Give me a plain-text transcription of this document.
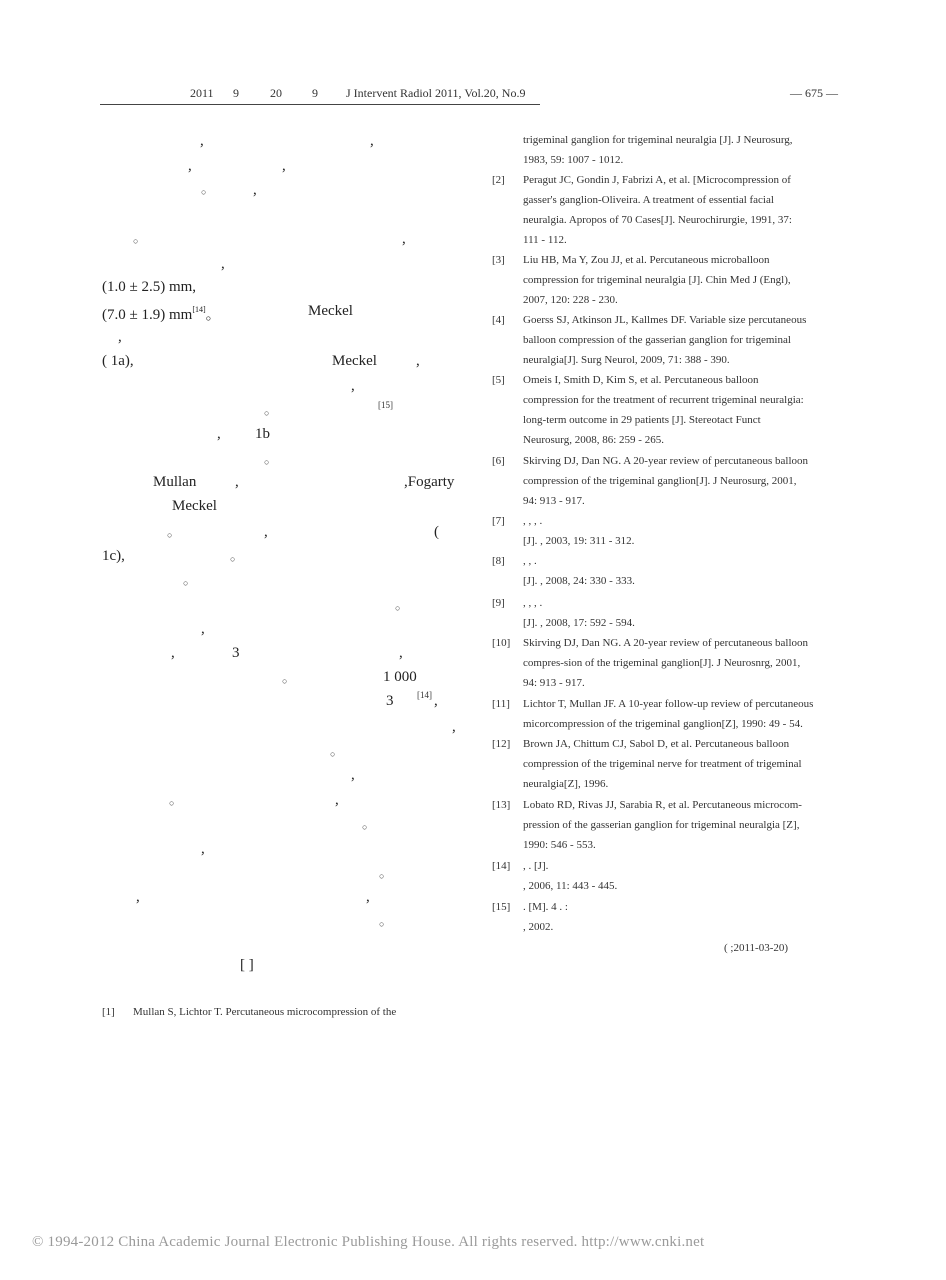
2011 9	20	9 J Intervent Radiol 2011, Vol.20, No.9	— 675 —
,	,
,	,
○	,
○	,
,
(1.0 ± 2.5) mm,
(7.0 ± 1.9) mm[14]。	Meckel
,
( 1a),	Meckel	,
,
[15]
○
, 1b
○
Mullan	,	,Fogarty
Meckel
○	,	(
1c),	○
○
○
,
,	3	,
1 000
○
3	[14] ,
,
○
,
○	,
○
,
○
,	,
○
[ ]
[1] Mullan S, Lichtor T. Percutaneous microcompression of the
trigeminal ganglion for trigeminal neuralgia [J]. J Neurosurg,
1983, 59: 1007 - 1012.
[2]	Peragut JC, Gondin J, Fabrizi A, et al. [Microcompression of
gasser's ganglion-Oliveira. A treatment of essential facial
neuralgia. Apropos of 70 Cases[J]. Neurochirurgie, 1991, 37:
111 - 112.
[3]	Liu HB, Ma Y, Zou JJ, et al. Percutaneous microballoon
compression for trigeminal neuralgia [J]. Chin Med J (Engl),
2007, 120: 228 - 230.
[4]	Goerss SJ, Atkinson JL, Kallmes DF. Variable size percutaneous
balloon compression of the gasserian ganglion for trigeminal
neuralgia[J]. Surg Neurol, 2009, 71: 388 - 390.
[5]	Omeis I, Smith D, Kim S, et al. Percutaneous balloon
compression for the treatment of recurrent trigeminal neuralgia:
long-term outcome in 29 patients [J]. Stereotact Funct
Neurosurg, 2008, 86: 259 - 265.
[6]	Skirving DJ, Dan NG. A 20-year review of percutaneous balloon
compression of the trigeminal ganglion[J]. J Neurosurg, 2001,
94: 913 - 917.
[7]	, , , .
[J]. , 2003, 19: 311 - 312.
[8]	, , .
[J]. , 2008, 24: 330 - 333.
[9]	, , , .
[J]. , 2008, 17: 592 - 594.
[10]	Skirving DJ, Dan NG. A 20-year review of percutaneous balloon
compres-sion of the trigeminal ganglion[J]. J Neurosnrg, 2001,
94: 913 - 917.
[11]	Lichtor T, Mullan JF. A 10-year follow-up review of percutaneous
micorcompression of the trigeminal ganglion[Z], 1990: 49 - 54.
[12]	Brown JA, Chittum CJ, Sabol D, et al. Percutaneous balloon
compression of the trigeminal nerve for treatment of trigeminal
neuralgia[Z], 1996.
[13]	Lobato RD, Rivas JJ, Sarabia R, et al. Percutaneous microcom-
pression of the gasserian ganglion for trigeminal neuralgia [Z],
1990: 546 - 553.
[14]	, . [J].
, 2006, 11: 443 - 445.
[15]	. [M]. 4 . :
, 2002.
( ;2011-03-20)
© 1994-2012 China Academic Journal Electronic Publishing House. All rights reserved. http://www.cnki.net
